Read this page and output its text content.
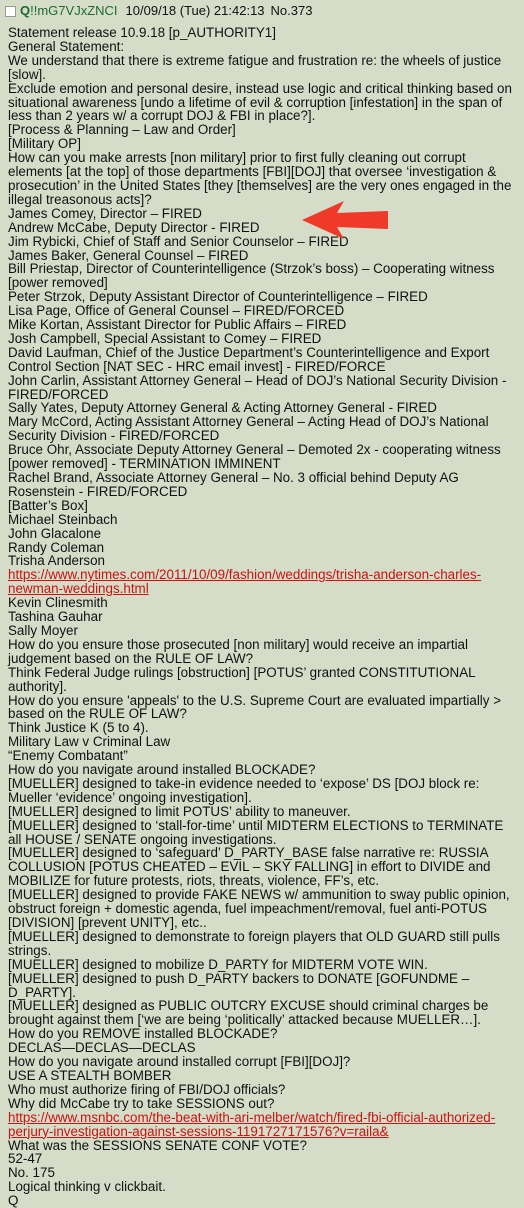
Q !!mG7VJxZNCI 10/09/18 (Tue) 21:42:13 No.373
Statement release 10.9.18 [p_AUTHORITY1]
General Statement:
We understand that there is extreme fatigue and frustration re: the wheels of justice [slow].
Exclude emotion and personal desire, instead use logic and critical thinking based on situational awareness [undo a lifetime of evil & corruption [infestation] in the span of less than 2 years w/ a corrupt DOJ & FBI in place?].
[Process & Planning – Law and Order]
[Military OP]
How can you make arrests [non military] prior to first fully cleaning out corrupt elements [at the top] of those departments [FBI][DOJ] that oversee ‘investigation & prosecution’ in the United States [they [themselves] are the very ones engaged in the illegal treasonous acts]?
James Comey, Director – FIRED
Andrew McCabe, Deputy Director - FIRED
Jim Rybicki, Chief of Staff and Senior Counselor – FIRED
James Baker, General Counsel – FIRED
Bill Priestap, Director of Counterintelligence (Strzok’s boss) – Cooperating witness [power removed]
Peter Strzok, Deputy Assistant Director of Counterintelligence – FIRED
Lisa Page, Office of General Counsel – FIRED/FORCED
Mike Kortan, Assistant Director for Public Affairs – FIRED
Josh Campbell, Special Assistant to Comey – FIRED
David Laufman, Chief of the Justice Department’s Counterintelligence and Export Control Section [NAT SEC - HRC email invest] - FIRED/FORCE
John Carlin, Assistant Attorney General – Head of DOJ’s National Security Division - FIRED/FORCED
Sally Yates, Deputy Attorney General & Acting Attorney General - FIRED
Mary McCord, Acting Assistant Attorney General – Acting Head of DOJ’s National Security Division - FIRED/FORCED
Bruce Ohr, Associate Deputy Attorney General – Demoted 2x - cooperating witness [power removed] - TERMINATION IMMINENT
Rachel Brand, Associate Attorney General – No. 3 official behind Deputy AG Rosenstein - FIRED/FORCED
[Batter’s Box]
Michael Steinbach
John Glacalone
Randy Coleman
Trisha Anderson
https://www.nytimes.com/2011/10/09/fashion/weddings/trisha-anderson-charles-newman-weddings.html
Kevin Clinesmith
Tashina Gauhar
Sally Moyer
How do you ensure those prosecuted [non military] would receive an impartial judgement based on the RULE OF LAW?
Think Federal Judge rulings [obstruction] [POTUS’ granted CONSTITUTIONAL authority].
How do you ensure 'appeals' to the U.S. Supreme Court are evaluated impartially > based on the RULE OF LAW?
Think Justice K (5 to 4).
Military Law v Criminal Law
“Enemy Combatant”
How do you navigate around installed BLOCKADE?
[MUELLER] designed to take-in evidence needed to ‘expose’ DS [DOJ block re: Mueller ‘evidence’ ongoing investigation].
[MUELLER] designed to limit POTUS’ ability to maneuver.
[MUELLER] designed to ‘stall-for-time’ until MIDTERM ELECTIONS to TERMINATE all HOUSE / SENATE ongoing investigations.
[MUELLER] designed to ‘safeguard’ D_PARTY_BASE false narrative re: RUSSIA COLLUSION [POTUS CHEATED – EVIL – SKY FALLING] in effort to DIVIDE and MOBILIZE for future protests, riots, threats, violence, FF’s, etc.
[MUELLER] designed to provide FAKE NEWS w/ ammunition to sway public opinion, obstruct foreign + domestic agenda, fuel impeachment/removal, fuel anti-POTUS [DIVISION] [prevent UNITY], etc..
[MUELLER] designed to demonstrate to foreign players that OLD GUARD still pulls strings.
[MUELLER] designed to mobilize D_PARTY for MIDTERM VOTE WIN.
[MUELLER] designed to push D_PARTY backers to DONATE [GOFUNDME – D_PARTY].
[MUELLER] designed as PUBLIC OUTCRY EXCUSE should criminal charges be brought against them [‘we are being ‘politically’ attacked because MUELLER…].
How do you REMOVE installed BLOCKADE?
DECLAS—DECLAS—DECLAS
How do you navigate around installed corrupt [FBI][DOJ]?
USE A STEALTH BOMBER
Who must authorize firing of FBI/DOJ officials?
Why did McCabe try to take SESSIONS out?
https://www.msnbc.com/the-beat-with-ari-melber/watch/fired-fbi-official-authorized-perjury-investigation-against-sessions-1191727171576?v=raila&
What was the SESSIONS SENATE CONF VOTE?
52-47
No. 175
Logical thinking v clickbait.
Q
